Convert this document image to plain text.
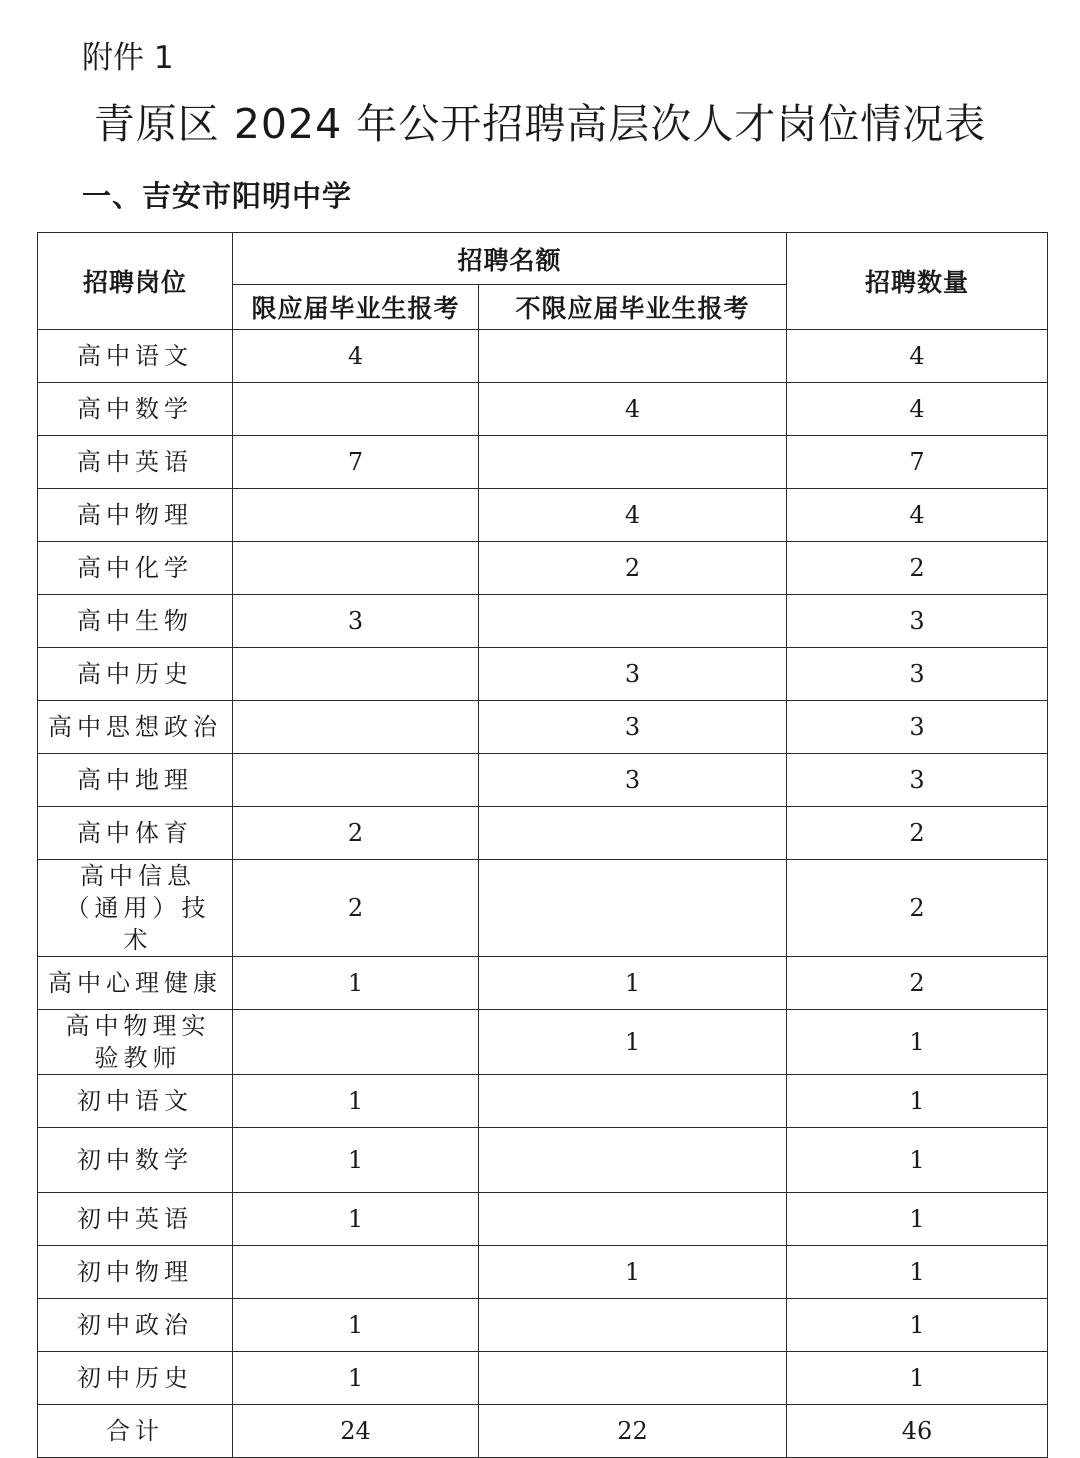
附件 1
青原区 2024 年公开招聘高层次人才岗位情况表
一、吉安市阳明中学
招聘岗位	招聘名额		招聘数量
	限应届毕业生报考	不限应届毕业生报考	
高中语文	4		4
高中数学		4	4
高中英语	7		7
高中物理		4	4
高中化学		2	2
高中生物	3		3
高中历史		3	3
高中思想政治		3	3
高中地理		3	3
高中体育	2		2
高中信息（通用）技术	2		2
高中心理健康	1	1	2
高中物理实验教师		1	1
初中语文	1		1
初中数学	1		1
初中英语	1		1
初中物理		1	1
初中政治	1		1
初中历史	1		1
合计	24	22	46
